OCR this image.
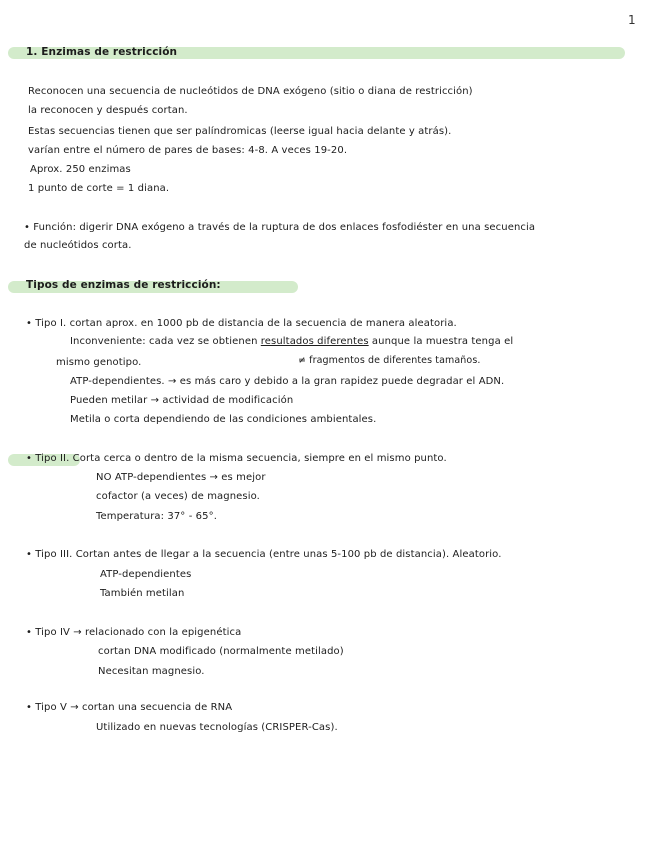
1
1. Enzimas de restricción
Reconocen una secuencia de nucleótidos de DNA exógeno (sitio o diana de restricción)
la reconocen y después cortan.
Estas secuencias tienen que ser palíndromicas (leerse igual hacia delante y atrás).
varían entre el número de pares de bases: 4-8. A veces 19-20.
Aprox. 250 enzimas
1 punto de corte = 1 diana.
• Función: digerir DNA exógeno a través de la ruptura de dos enlaces fosfodiéster en una secuencia
de nucleótidos corta.
Tipos de enzimas de restricción:
• Tipo I. cortan aprox. en 1000 pb de distancia de la secuencia de manera aleatoria.
Inconveniente: cada vez se obtienen resultados diferentes aunque la muestra tenga el
mismo genotipo.	≠ fragmentos de diferentes tamaños.
ATP-dependientes. → es más caro y debido a la gran rapidez puede degradar el ADN.
Pueden metilar → actividad de modificación
Metila o corta dependiendo de las condiciones ambientales.
• Tipo II. Corta cerca o dentro de la misma secuencia, siempre en el mismo punto.
NO ATP-dependientes → es mejor
cofactor (a veces) de magnesio.
Temperatura: 37° - 65°.
• Tipo III. Cortan antes de llegar a la secuencia (entre unas 5-100 pb de distancia). Aleatorio.
ATP-dependientes
También metilan
• Tipo IV → relacionado con la epigenética
cortan DNA modificado (normalmente metilado)
Necesitan magnesio.
• Tipo V → cortan una secuencia de RNA
Utilizado en nuevas tecnologías (CRISPER-Cas).
